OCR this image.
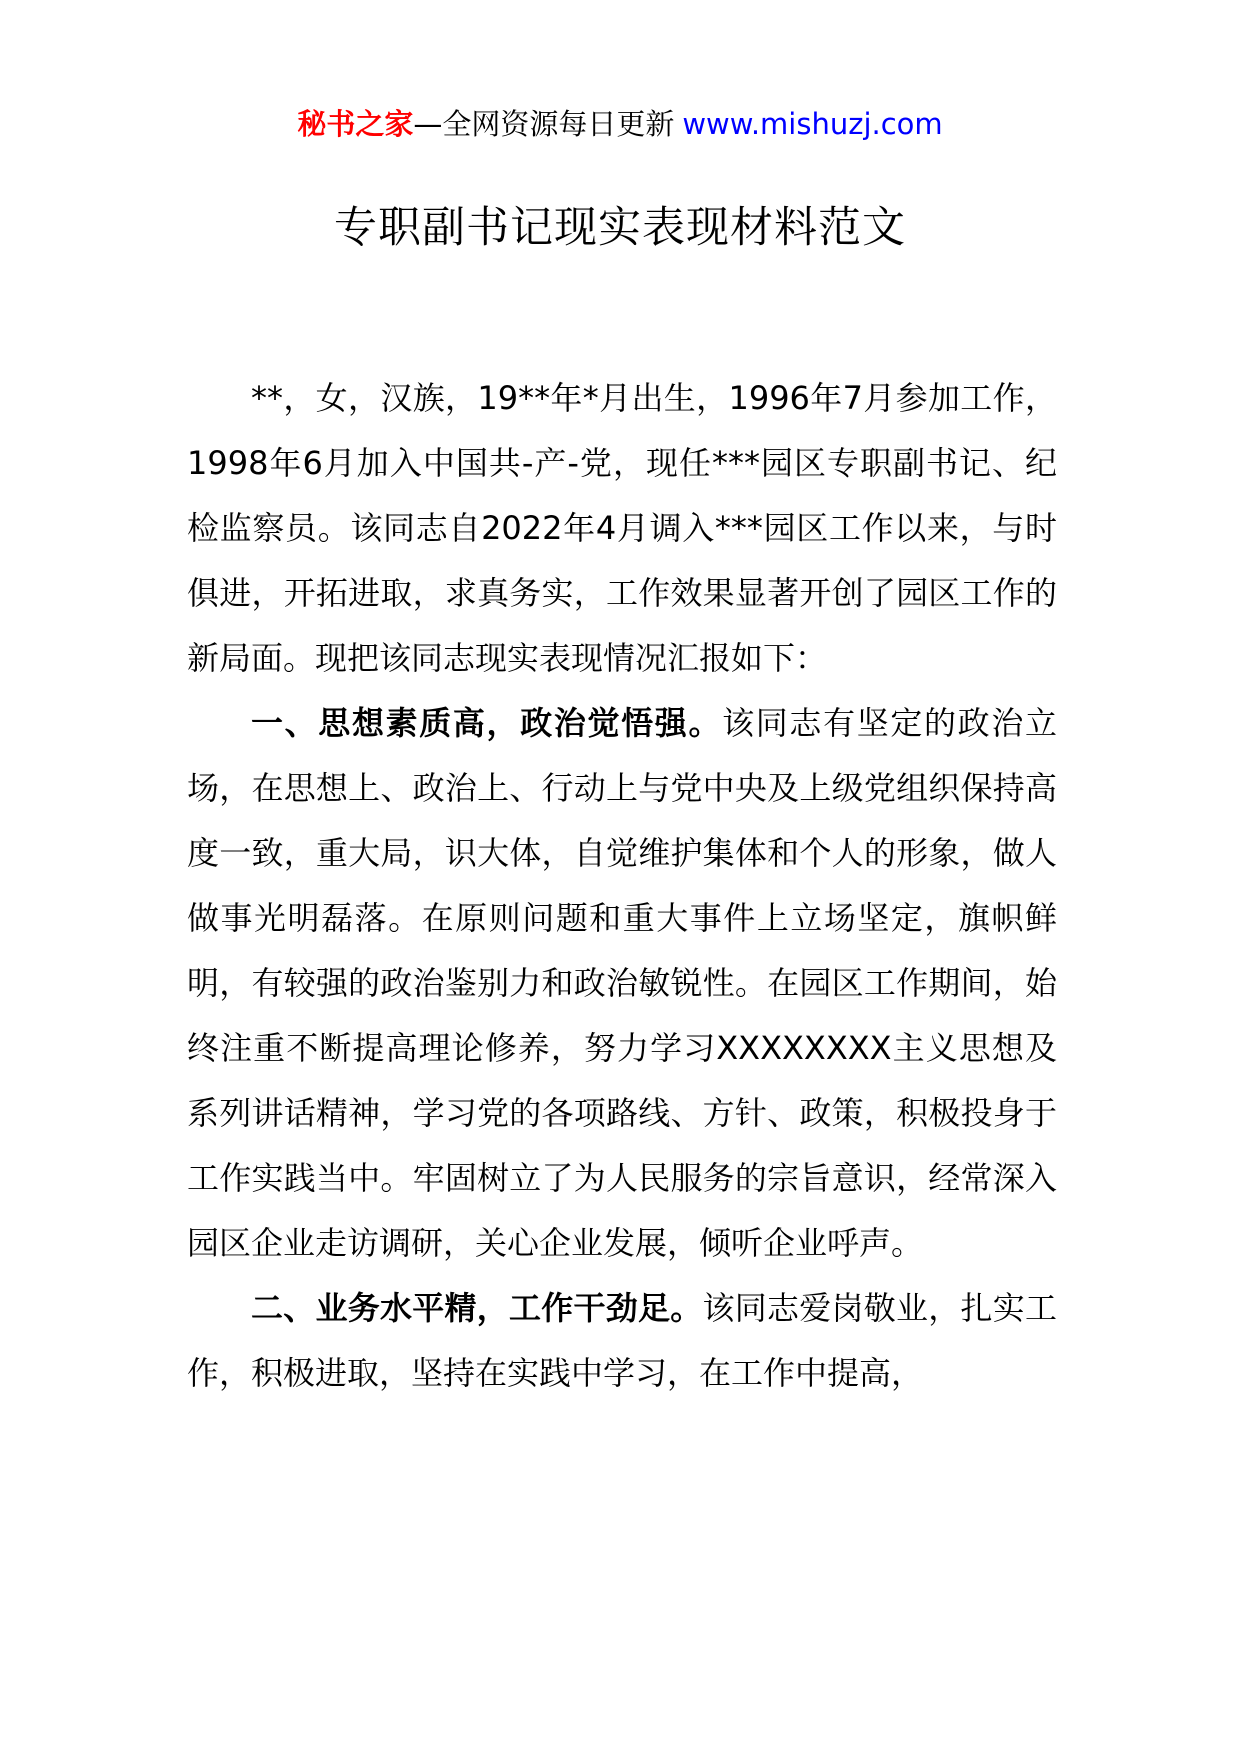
秘书之家—全网资源每日更新 www.mishuzj.com
专职副书记现实表现材料范文

**，女，汉族，19**年*月出生，1996年7月参加工作，1998年6月加入中国共-产-党，现任***园区专职副书记、纪检监察员。该同志自2022年4月调入***园区工作以来，与时俱进，开拓进取，求真务实，工作效果显著开创了园区工作的新局面。现把该同志现实表现情况汇报如下：

一、思想素质高，政治觉悟强。该同志有坚定的政治立场，在思想上、政治上、行动上与党中央及上级党组织保持高度一致，重大局，识大体，自觉维护集体和个人的形象，做人做事光明磊落。在原则问题和重大事件上立场坚定，旗帜鲜明，有较强的政治鉴别力和政治敏锐性。在园区工作期间，始终注重不断提高理论修养，努力学习XXXXXXXX主义思想及系列讲话精神，学习党的各项路线、方针、政策，积极投身于工作实践当中。牢固树立了为人民服务的宗旨意识，经常深入园区企业走访调研，关心企业发展，倾听企业呼声。

二、业务水平精，工作干劲足。该同志爱岗敬业，扎实工作，积极进取，坚持在实践中学习，在工作中提高，
